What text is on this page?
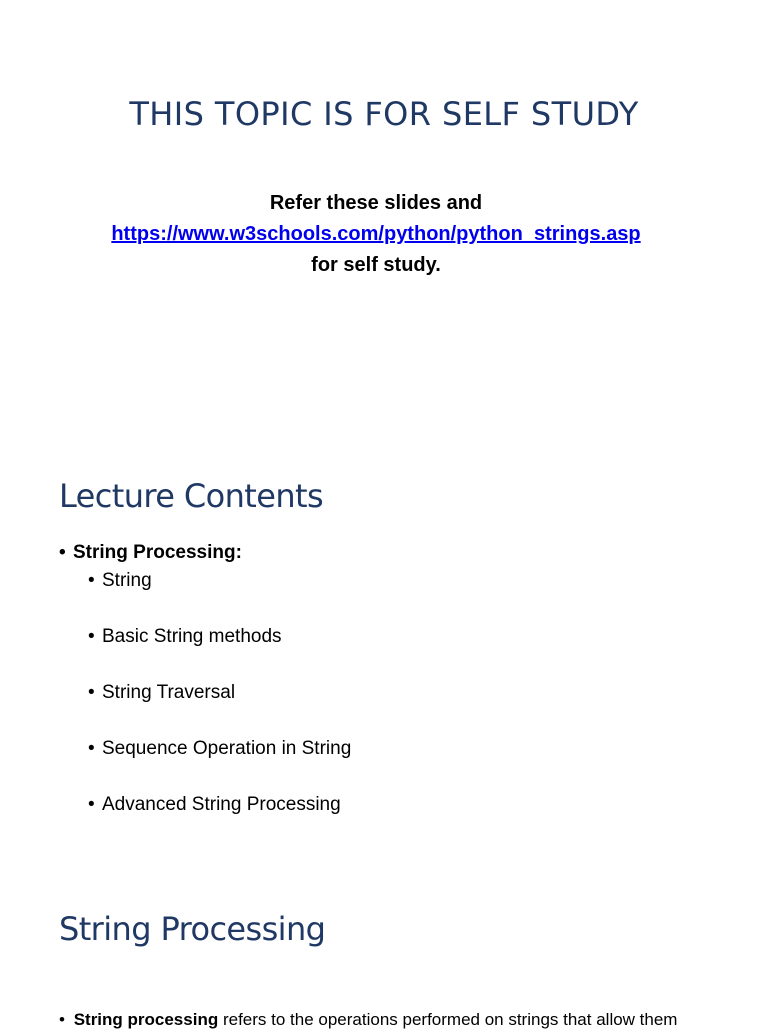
THIS TOPIC IS FOR SELF STUDY
Refer these slides and
https://www.w3schools.com/python/python_strings.asp
for self study.
Lecture Contents
• String Processing:
• String
• Basic String methods
• String Traversal
• Sequence Operation in String
• Advanced String Processing
String Processing
• String processing refers to the operations performed on strings that allow them
